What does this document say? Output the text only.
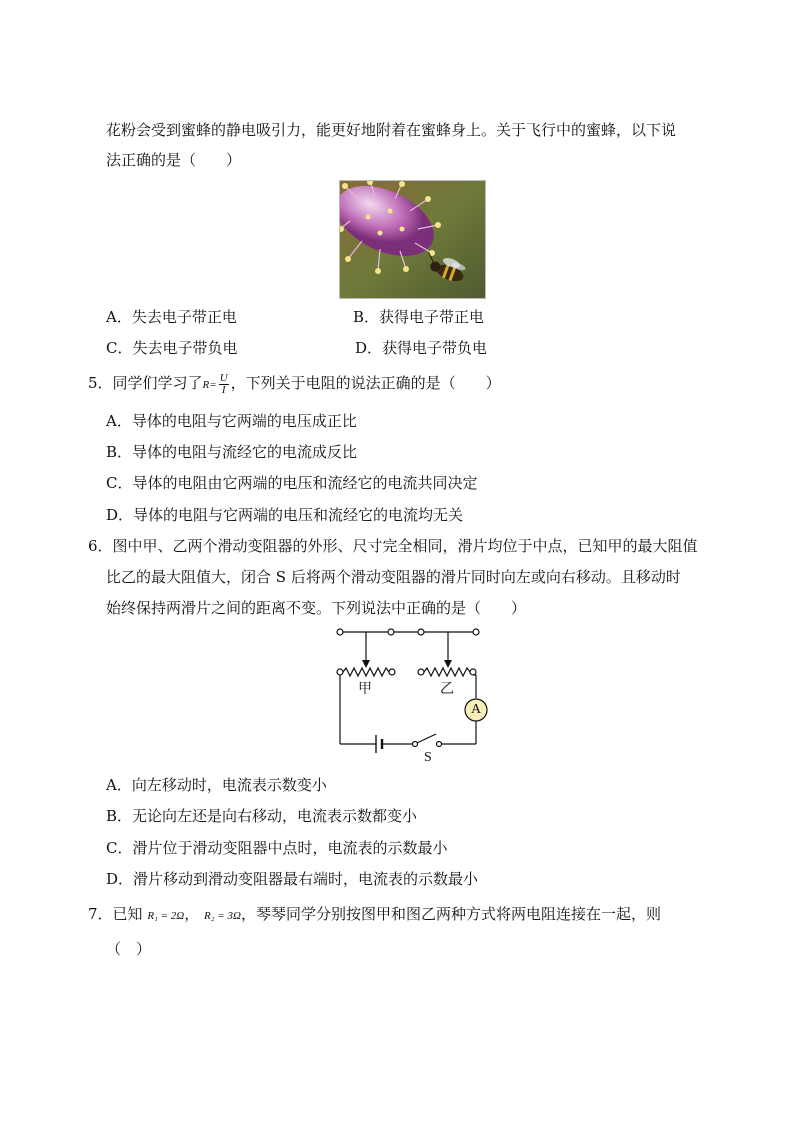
花粉会受到蜜蜂的静电吸引力，能更好地附着在蜜蜂身上。关于飞行中的蜜蜂，以下说
法正确的是（　　）
A．失去电子带正电	B．获得电子带正电
C．失去电子带负电	D．获得电子带负电
5．同学们学习了$R= \frac{U}{I}$ ，下列关于电阻的说法正确的是（　　）
A．导体的电阻与它两端的电压成正比
B．导体的电阻与流经它的电流成反比
C．导体的电阻由它两端的电压和流经它的电流共同决定
D．导体的电阻与它两端的电压和流经它的电流均无关
6．图中甲、乙两个滑动变阻器的外形、尺寸完全相同，滑片均位于中点，已知甲的最大阻值
比乙的最大阻值大，闭合 S 后将两个滑动变阻器的滑片同时向左或向右移动。且移动时
始终保持两滑片之间的距离不变。下列说法中正确的是（　　）
甲	乙
A
S
A．向左移动时，电流表示数变小
B．无论向左还是向右移动，电流表示数都变小
C．滑片位于滑动变阻器中点时，电流表的示数最小
D．滑片移动到滑动变阻器最右端时，电流表的示数最小
7．已知 R₁ = 2Ω， R₂ = 3Ω，琴琴同学分别按图甲和图乙两种方式将两电阻连接在一起，则
（　）
